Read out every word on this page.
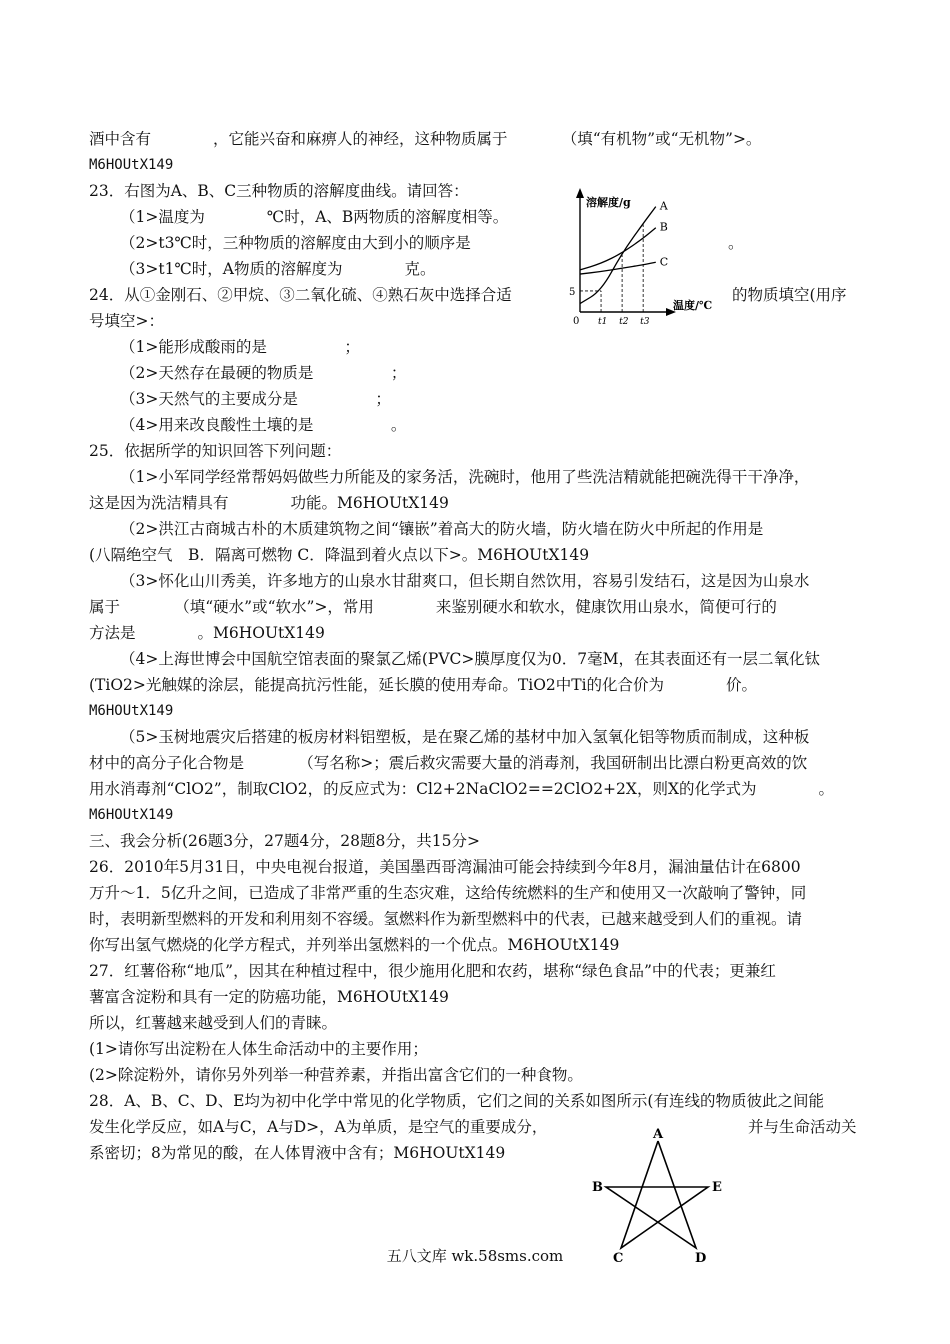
酒中含有　　　　，它能兴奋和麻痹人的神经，这种物质属于　　　　（填“有机物”或“无机物”>。
M6HOUtX149
23．右图为A、B、C三种物质的溶解度曲线。请回答：
（1>温度为　　　　℃时，A、B两物质的溶解度相等。
（2>t3℃时，三种物质的溶解度由大到小的顺序是	。
（3>t1℃时，A物质的溶解度为　　　　克。
24．从①金刚石、②甲烷、③二氧化硫、④熟石灰中选择合适	的物质填空(用序
号填空>：
（1>能形成酸雨的是　　　　　；
（2>天然存在最硬的物质是　　　　　；
（3>天然气的主要成分是　　　　　；
（4>用来改良酸性土壤的是　　　　　。
25．依据所学的知识回答下列问题：
（1>小军同学经常帮妈妈做些力所能及的家务活，洗碗时，他用了些洗洁精就能把碗洗得干干净净，
这是因为洗洁精具有　　　　功能。M6HOUtX149
（2>洪江古商城古朴的木质建筑物之间“镶嵌”着高大的防火墙，防火墙在防火中所起的作用是
(八隔绝空气　B．隔离可燃物 C．降温到着火点以下>。M6HOUtX149
（3>怀化山川秀美，许多地方的山泉水甘甜爽口，但长期自然饮用，容易引发结石，这是因为山泉水
属于　　　　（填“硬水”或“软水”>，常用　　　　来鉴别硬水和软水，健康饮用山泉水，简便可行的
方法是　　　　。M6HOUtX149
（4>上海世博会中国航空馆表面的聚氯乙烯(PVC>膜厚度仅为0．7毫M，在其表面还有一层二氧化钛
(TiO2>光触媒的涂层，能提高抗污性能，延长膜的使用寿命。TiO2中Ti的化合价为　　　　价。
M6HOUtX149
（5>玉树地震灾后搭建的板房材料铝塑板，是在聚乙烯的基材中加入氢氧化铝等物质而制成，这种板
材中的高分子化合物是　　　　（写名称>；震后救灾需要大量的消毒剂，我国研制出比漂白粉更高效的饮
用水消毒剂“ClO2”，制取ClO2，的反应式为：Cl2+2NaClO2==2ClO2+2X，则X的化学式为　　　　。
M6HOUtX149
三、我会分析(26题3分，27题4分，28题8分，共15分>
26．2010年5月31日，中央电视台报道，美国墨西哥湾漏油可能会持续到今年8月，漏油量估计在6800
万升～1．5亿升之间，已造成了非常严重的生态灾难，这给传统燃料的生产和使用又一次敲响了警钟，同
时，表明新型燃料的开发和利用刻不容缓。氢燃料作为新型燃料中的代表，已越来越受到人们的重视。请
你写出氢气燃烧的化学方程式，并列举出氢燃料的一个优点。M6HOUtX149
27．红薯俗称“地瓜”，因其在种植过程中，很少施用化肥和农药，堪称“绿色食品”中的代表；更兼红
薯富含淀粉和具有一定的防癌功能，M6HOUtX149
所以，红薯越来越受到人们的青睐。
(1>请你写出淀粉在人体生命活动中的主要作用；
(2>除淀粉外，请你另外列举一种营养素，并指出富含它们的一种食物。
28．A、B、C、D、E均为初中化学中常见的化学物质，它们之间的关系如图所示(有连线的物质彼此之间能
发生化学反应，如A与C，A与D>，A为单质，是空气的重要成分，	并与生命活动关
系密切；8为常见的酸，在人体胃液中含有；M6HOUtX149
溶解度/g
温度/℃
0 t1 t2 t3
5
A
B
C
A
B	E
C	D
五八文库 wk.58sms.com
